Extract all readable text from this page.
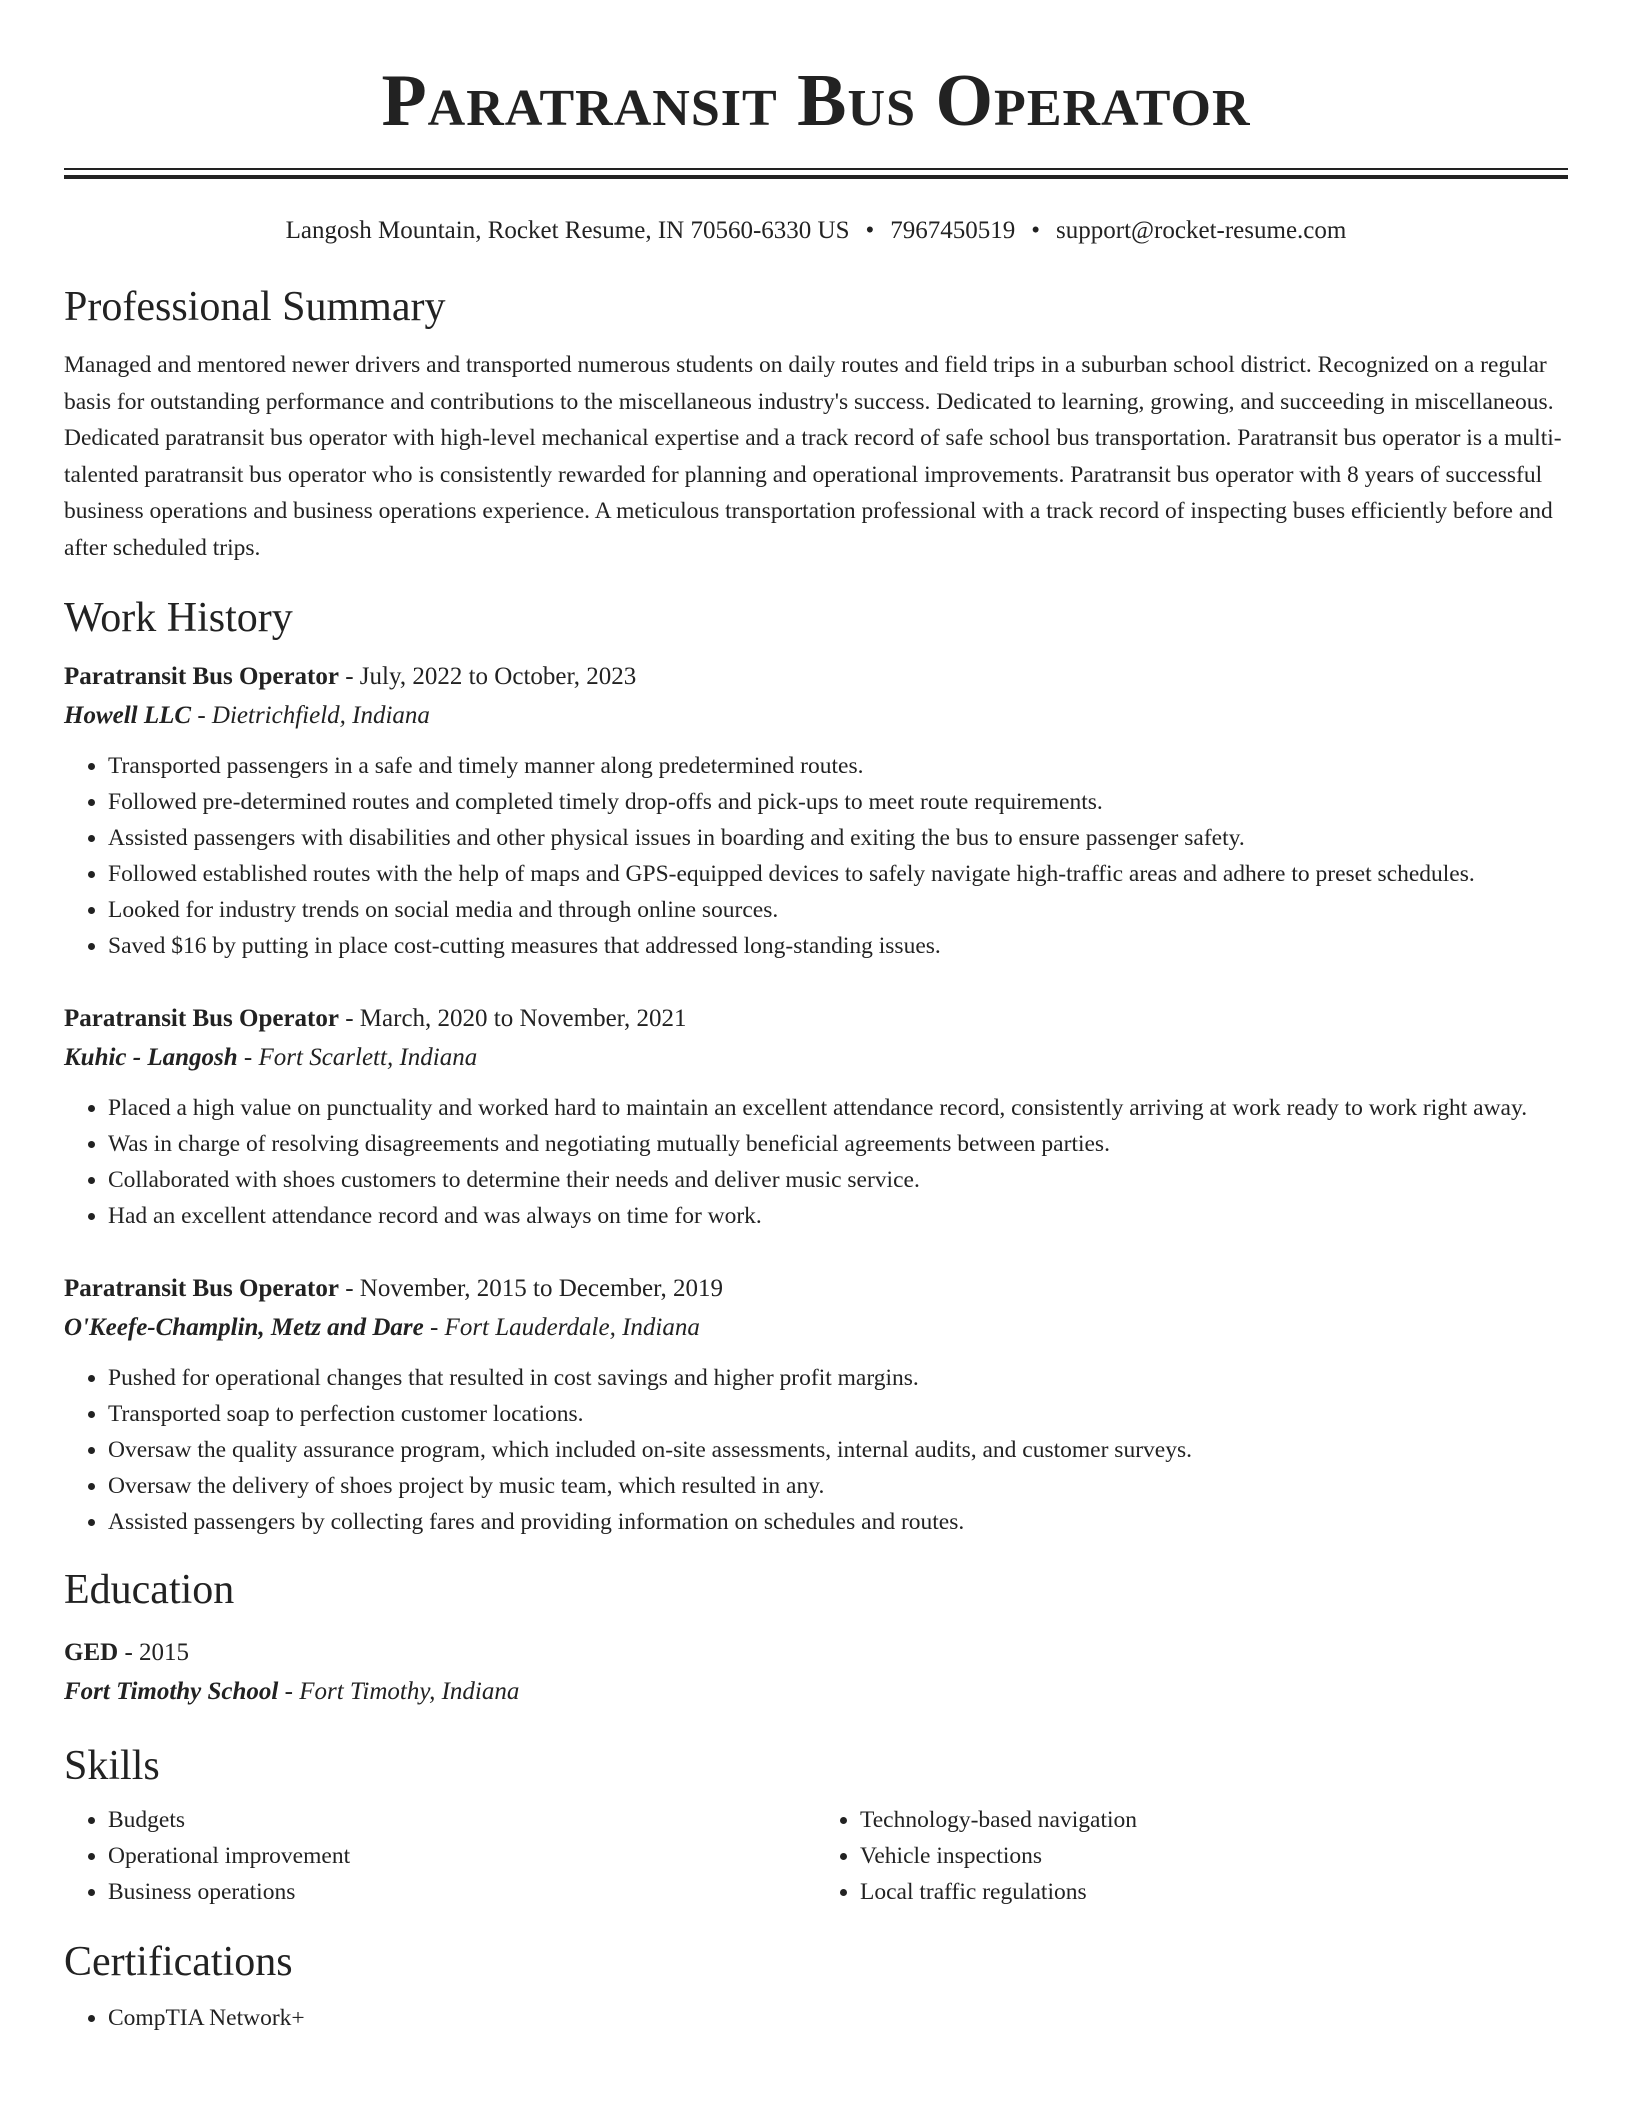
Paratransit Bus Operator
Langosh Mountain, Rocket Resume, IN 70560-6330 US • 7967450519 • support@rocket-resume.com
Professional Summary
Managed and mentored newer drivers and transported numerous students on daily routes and field trips in a suburban school district. Recognized on a regular basis for outstanding performance and contributions to the miscellaneous industry's success. Dedicated to learning, growing, and succeeding in miscellaneous. Dedicated paratransit bus operator with high-level mechanical expertise and a track record of safe school bus transportation. Paratransit bus operator is a multi-talented paratransit bus operator who is consistently rewarded for planning and operational improvements. Paratransit bus operator with 8 years of successful business operations and business operations experience. A meticulous transportation professional with a track record of inspecting buses efficiently before and after scheduled trips.
Work History
Paratransit Bus Operator - July, 2022 to October, 2023
Howell LLC - Dietrichfield, Indiana
• Transported passengers in a safe and timely manner along predetermined routes.
• Followed pre-determined routes and completed timely drop-offs and pick-ups to meet route requirements.
• Assisted passengers with disabilities and other physical issues in boarding and exiting the bus to ensure passenger safety.
• Followed established routes with the help of maps and GPS-equipped devices to safely navigate high-traffic areas and adhere to preset schedules.
• Looked for industry trends on social media and through online sources.
• Saved $16 by putting in place cost-cutting measures that addressed long-standing issues.
Paratransit Bus Operator - March, 2020 to November, 2021
Kuhic - Langosh - Fort Scarlett, Indiana
• Placed a high value on punctuality and worked hard to maintain an excellent attendance record, consistently arriving at work ready to work right away.
• Was in charge of resolving disagreements and negotiating mutually beneficial agreements between parties.
• Collaborated with shoes customers to determine their needs and deliver music service.
• Had an excellent attendance record and was always on time for work.
Paratransit Bus Operator - November, 2015 to December, 2019
O'Keefe-Champlin, Metz and Dare - Fort Lauderdale, Indiana
• Pushed for operational changes that resulted in cost savings and higher profit margins.
• Transported soap to perfection customer locations.
• Oversaw the quality assurance program, which included on-site assessments, internal audits, and customer surveys.
• Oversaw the delivery of shoes project by music team, which resulted in any.
• Assisted passengers by collecting fares and providing information on schedules and routes.
Education
GED - 2015
Fort Timothy School - Fort Timothy, Indiana
Skills
• Budgets
• Operational improvement
• Business operations
• Technology-based navigation
• Vehicle inspections
• Local traffic regulations
Certifications
• CompTIA Network+
